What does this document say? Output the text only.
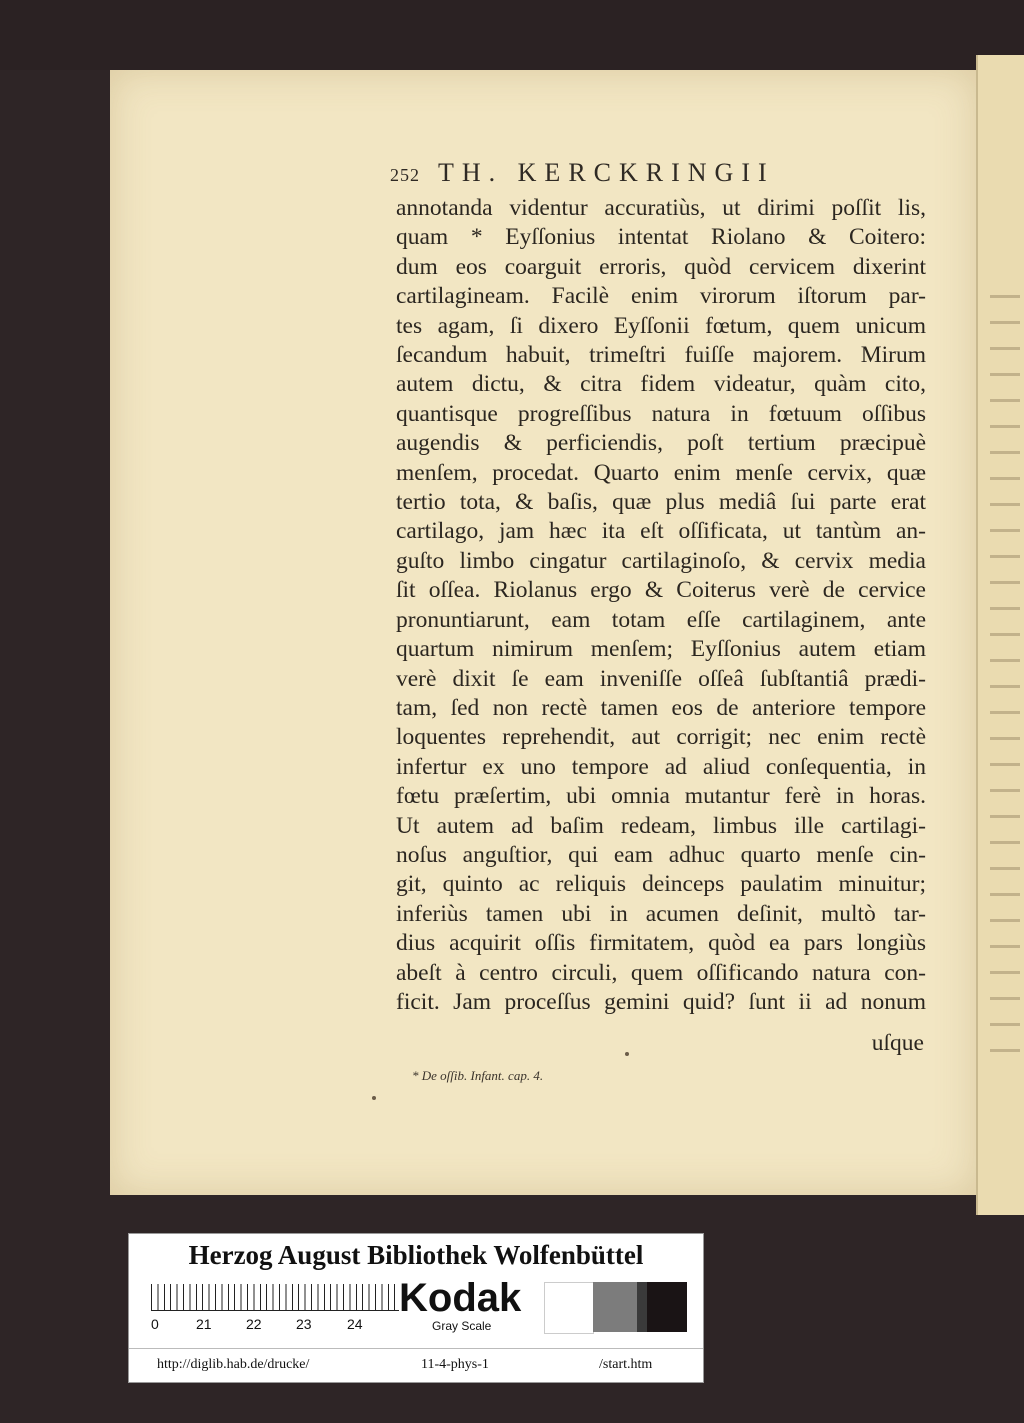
252 TH. KERCKRINGII
annotanda videntur accuratiùs, ut dirimi poſſit lis,
quam * Eyſſonius intentat Riolano & Coitero:
dum eos coarguit erroris, quòd cervicem dixerint
cartilagineam. Facilè enim virorum iſtorum par-
tes agam, ſi dixero Eyſſonii fœtum, quem unicum
ſecandum habuit, trimeſtri fuiſſe majorem. Mirum
autem dictu, & citra fidem videatur, quàm cito,
quantisque progreſſibus natura in fœtuum oſſibus
augendis & perficiendis, poſt tertium præcipuè
menſem, procedat. Quarto enim menſe cervix, quæ
tertio tota, & baſis, quæ plus mediâ ſui parte erat
cartilago, jam hæc ita eſt oſſificata, ut tantùm an-
guſto limbo cingatur cartilaginoſo, & cervix media
ſit oſſea. Riolanus ergo & Coiterus verè de cervice
pronuntiarunt, eam totam eſſe cartilaginem, ante
quartum nimirum menſem; Eyſſonius autem etiam
verè dixit ſe eam inveniſſe oſſeâ ſubſtantiâ prædi-
tam, ſed non rectè tamen eos de anteriore tempore
loquentes reprehendit, aut corrigit; nec enim rectè
infertur ex uno tempore ad aliud conſequentia, in
fœtu præſertim, ubi omnia mutantur ferè in horas.
Ut autem ad baſim redeam, limbus ille cartilagi-
noſus anguſtior, qui eam adhuc quarto menſe cin-
git, quinto ac reliquis deinceps paulatim minuitur;
inferiùs tamen ubi in acumen deſinit, multò tar-
dius acquirit oſſis firmitatem, quòd ea pars longiùs
abeſt à centro circuli, quem oſſificando natura con-
ficit. Jam proceſſus gemini quid? ſunt ii ad nonum
uſque
* De oſſib. Infant. cap. 4.
Herzog August Bibliothek Wolfenbüttel
0	21 22 23	24
Kodak
Gray Scale
http://diglib.hab.de/drucke/	11-4-phys-1	/start.htm
